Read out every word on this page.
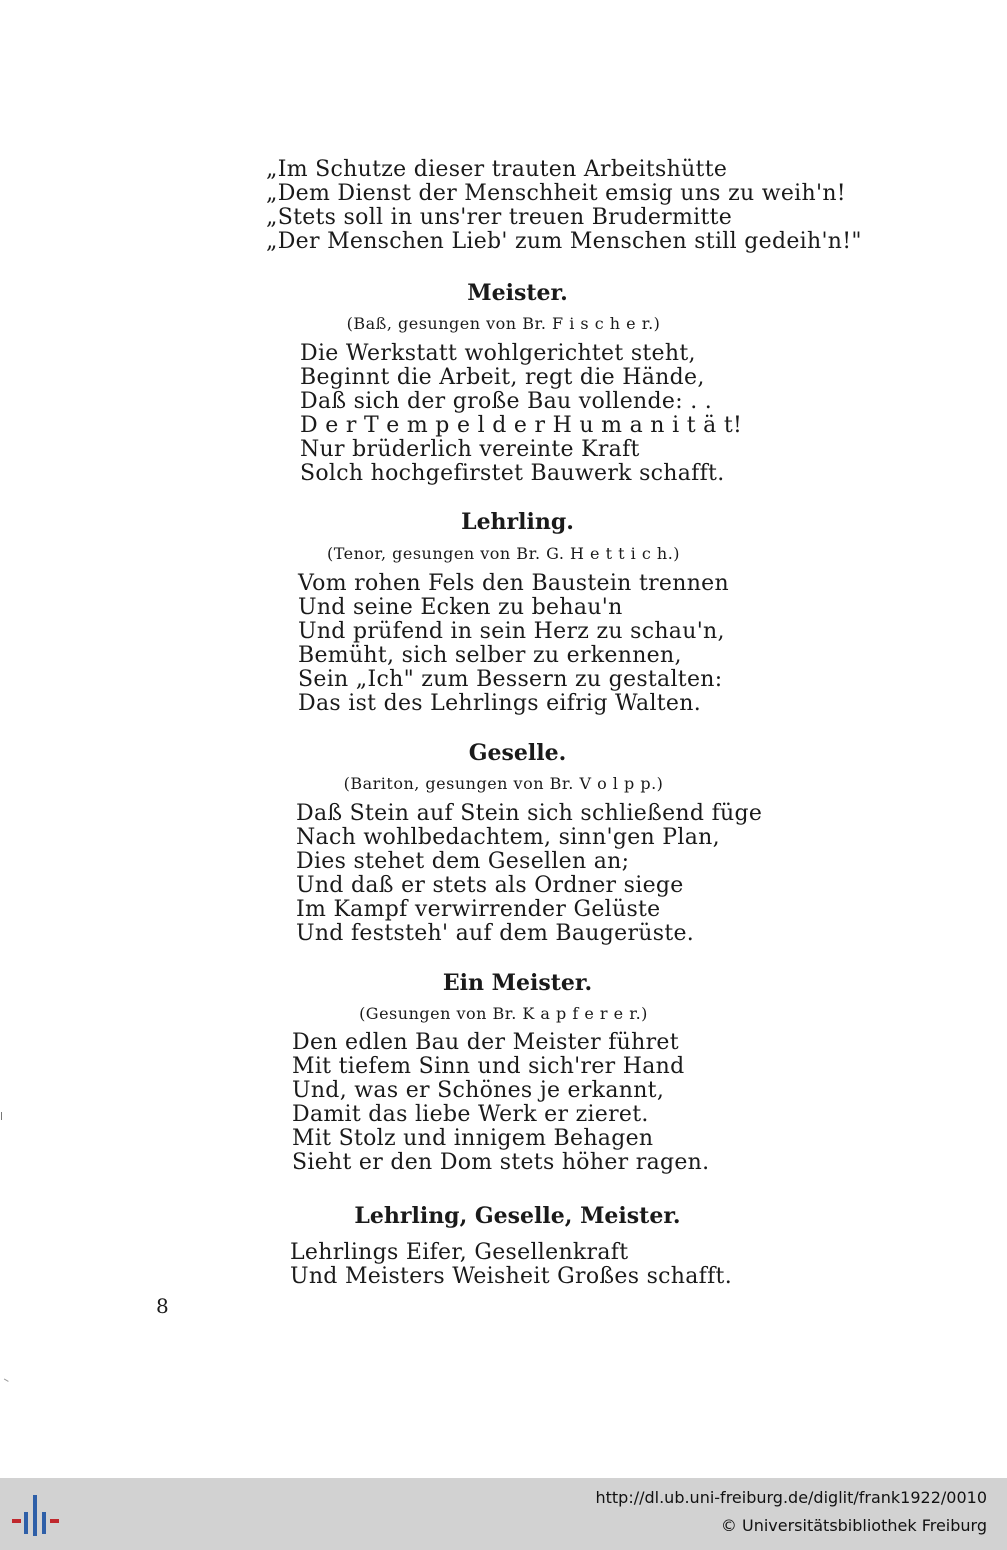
„Im Schutze dieser trauten Arbeitshütte
„Dem Dienst der Menschheit emsig uns zu weih'n!
„Stets soll in uns'rer treuen Brudermitte
„Der Menschen Lieb' zum Menschen still gedeih'n!"
Meister.
(Baß, gesungen von Br. F i s c h e r.)
Die Werkstatt wohlgerichtet steht,
Beginnt die Arbeit, regt die Hände,
Daß sich der große Bau vollende: . .
D e r T e m p e l d e r H u m a n i t ä t!
Nur brüderlich vereinte Kraft
Solch hochgefirstet Bauwerk schafft.
Lehrling.
(Tenor, gesungen von Br. G. H e t t i c h.)
Vom rohen Fels den Baustein trennen
Und seine Ecken zu behau'n
Und prüfend in sein Herz zu schau'n,
Bemüht, sich selber zu erkennen,
Sein „Ich" zum Bessern zu gestalten:
Das ist des Lehrlings eifrig Walten.
Geselle.
(Bariton, gesungen von Br. V o l p p.)
Daß Stein auf Stein sich schließend füge
Nach wohlbedachtem, sinn'gen Plan,
Dies stehet dem Gesellen an;
Und daß er stets als Ordner siege
Im Kampf verwirrender Gelüste
Und feststeh' auf dem Baugerüste.
Ein Meister.
(Gesungen von Br. K a p f e r e r.)
Den edlen Bau der Meister führet
Mit tiefem Sinn und sich'rer Hand
Und, was er Schönes je erkannt,
Damit das liebe Werk er zieret.
Mit Stolz und innigem Behagen
Sieht er den Dom stets höher ragen.
Lehrling, Geselle, Meister.
Lehrlings Eifer, Gesellenkraft
Und Meisters Weisheit Großes schafft.
8
http://dl.ub.uni-freiburg.de/diglit/frank1922/0010
© Universitätsbibliothek Freiburg
